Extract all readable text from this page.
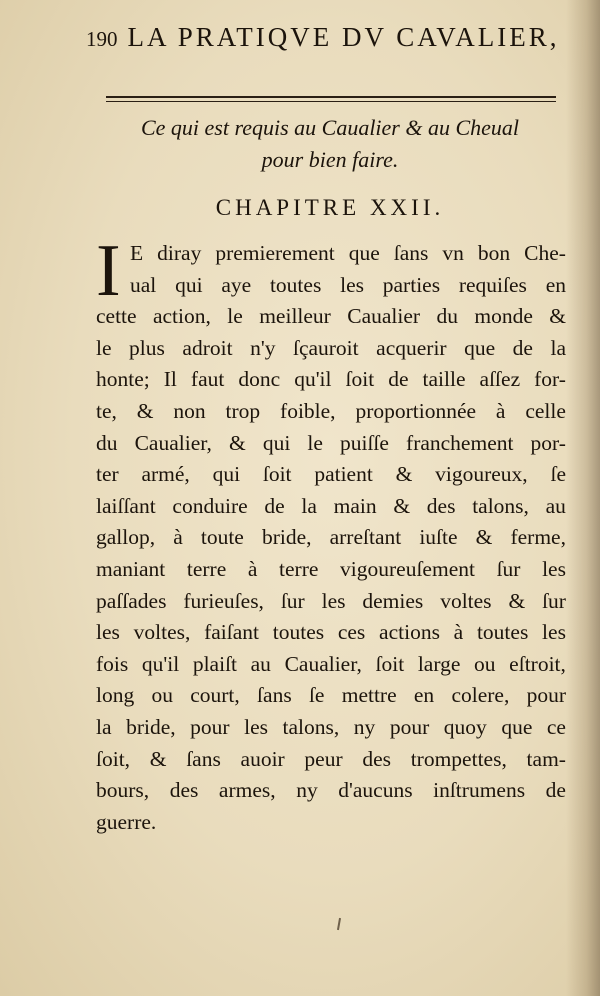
190 LA PRATIQVE DV CAVALIER,
Ce qui est requis au Caualier & au Cheual
pour bien faire.
CHAPITRE XXII.
I E diray premierement que ſans vn bon Che-
ual qui aye toutes les parties requiſes en
cette action, le meilleur Caualier du monde &
le plus adroit n'y ſçauroit acquerir que de la
honte; Il faut donc qu'il ſoit de taille aſſez for-
te, & non trop foible, proportionnée à celle
du Caualier, & qui le puiſſe franchement por-
ter armé, qui ſoit patient & vigoureux, ſe
laiſſant conduire de la main & des talons, au
gallop, à toute bride, arreſtant iuſte & ferme,
maniant terre à terre vigoureuſement ſur les
paſſades furieuſes, ſur les demies voltes & ſur
les voltes, faiſant toutes ces actions à toutes les
fois qu'il plaiſt au Caualier, ſoit large ou eſtroit,
long ou court, ſans ſe mettre en colere, pour
la bride, pour les talons, ny pour quoy que ce
ſoit, & ſans auoir peur des trompettes, tam-
bours, des armes, ny d'aucuns inſtrumens de
guerre.
